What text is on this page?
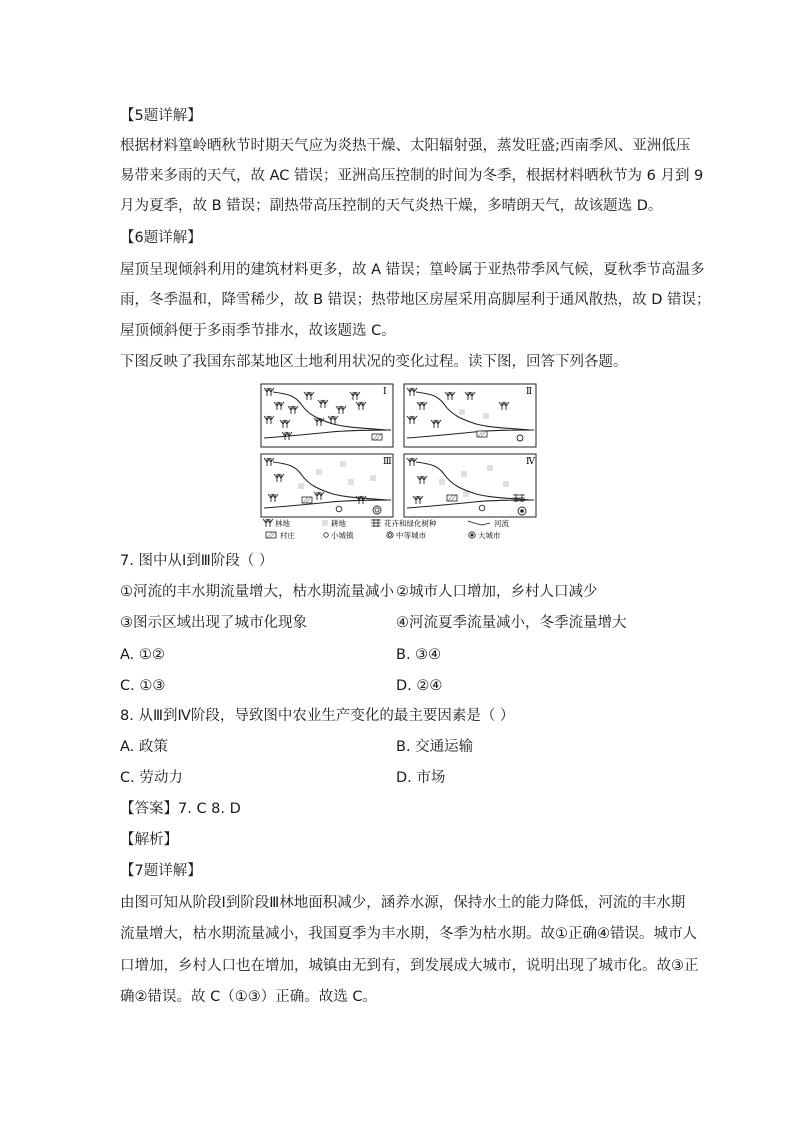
【5题详解】
根据材料篁岭晒秋节时期天气应为炎热干燥、太阳辐射强，蒸发旺盛;西南季风、亚洲低压
易带来多雨的天气，故 AC 错误；亚洲高压控制的时间为冬季，根据材料晒秋节为 6 月到 9
月为夏季，故 B 错误；副热带高压控制的天气炎热干燥，多晴朗天气，故该题选 D。
【6题详解】
屋顶呈现倾斜利用的建筑材料更多，故 A 错误；篁岭属于亚热带季风气候，夏秋季节高温多
雨，冬季温和，降雪稀少，故 B 错误；热带地区房屋采用高脚屋利于通风散热，故 D 错误；
屋顶倾斜便于多雨季节排水，故该题选 C。
下图反映了我国东部某地区土地利用状况的变化过程。读下图，回答下列各题。
Ⅰ	Ⅱ
Ⅲ	Ⅳ
林地	耕地	花卉和绿化树种	河流
村庄	小城镇	中等城市	大城市
7. 图中从Ⅰ到Ⅲ阶段（ ）
①河流的丰水期流量增大，枯水期流量减小 ②城市人口增加，乡村人口减少
③图示区域出现了城市化现象	④河流夏季流量减小，冬季流量增大
A. ①②	B. ③④
C. ①③	D. ②④
8. 从Ⅲ到Ⅳ阶段，导致图中农业生产变化的最主要因素是（ ）
A. 政策	B. 交通运输
C. 劳动力	D. 市场
【答案】7. C 8. D
【解析】
【7题详解】
由图可知从阶段Ⅰ到阶段Ⅲ林地面积减少，涵养水源，保持水土的能力降低，河流的丰水期
流量增大，枯水期流量减小，我国夏季为丰水期，冬季为枯水期。故①正确④错误。城市人
口增加，乡村人口也在增加，城镇由无到有，到发展成大城市，说明出现了城市化。故③正
确②错误。故 C（①③）正确。故选 C。
